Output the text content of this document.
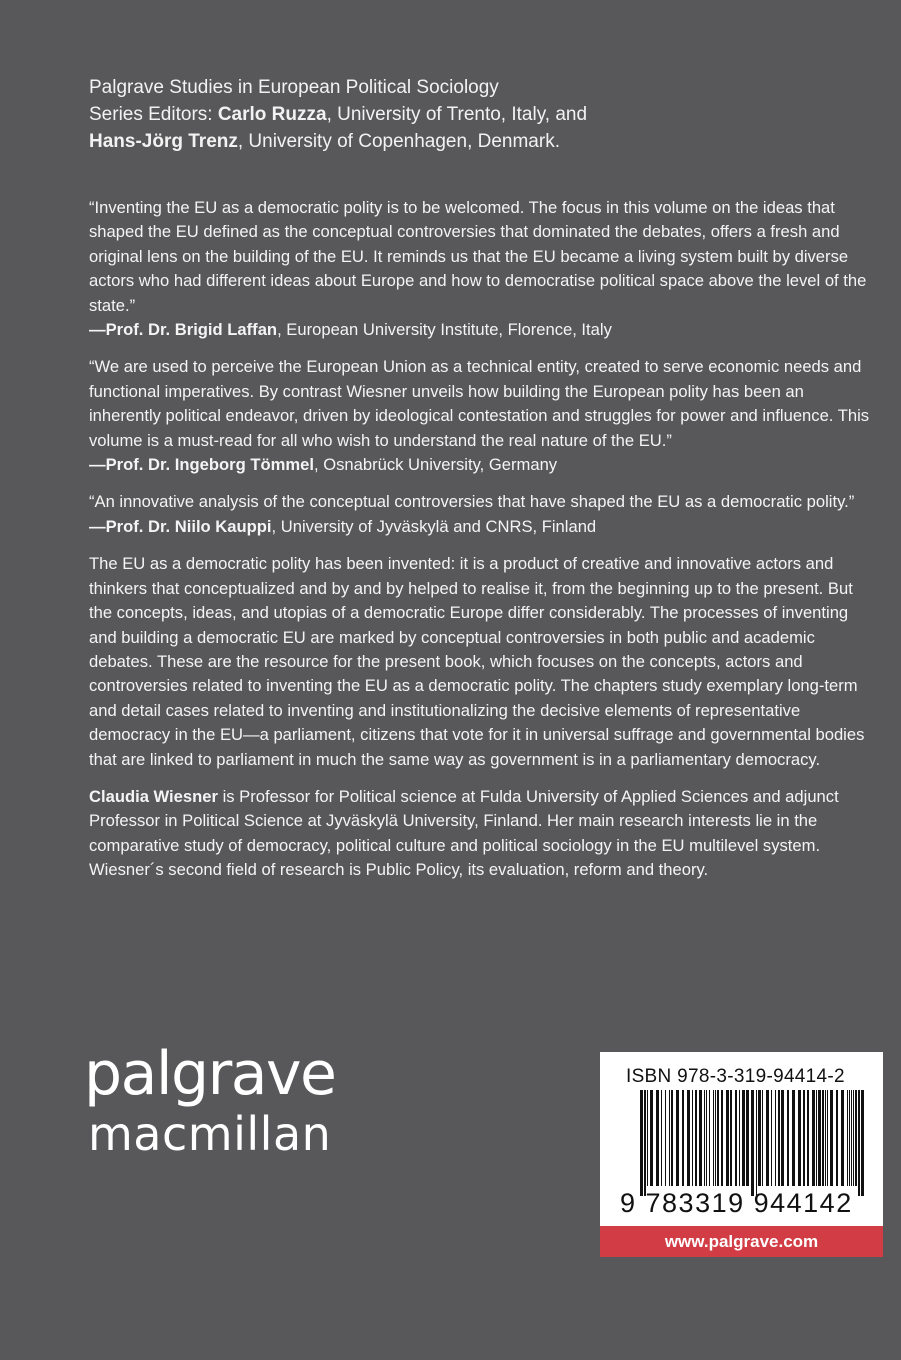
Palgrave Studies in European Political Sociology

Series Editors: Carlo Ruzza, University of Trento, Italy, and

Hans-Jörg Trenz, University of Copenhagen, Denmark.

“Inventing the EU as a democratic polity is to be welcomed. The focus in this volume on the ideas that shaped the EU defined as the conceptual controversies that dominated the debates, offers a fresh and original lens on the building of the EU. It reminds us that the EU became a living system built by diverse actors who had different ideas about Europe and how to democratise political space above the level of the state.”

—Prof. Dr. Brigid Laffan, European University Institute, Florence, Italy

“We are used to perceive the European Union as a technical entity, created to serve economic needs and functional imperatives. By contrast Wiesner unveils how building the European polity has been an inherently political endeavor, driven by ideological contestation and struggles for power and influence. This volume is a must-read for all who wish to understand the real nature of the EU.”

—Prof. Dr. Ingeborg Tömmel, Osnabrück University, Germany

“An innovative analysis of the conceptual controversies that have shaped the EU as a democratic polity.”

—Prof. Dr. Niilo Kauppi, University of Jyväskylä and CNRS, Finland

The EU as a democratic polity has been invented: it is a product of creative and innovative actors and thinkers that conceptualized and by and by helped to realise it, from the beginning up to the present. But the concepts, ideas, and utopias of a democratic Europe differ considerably. The processes of inventing and building a democratic EU are marked by conceptual controversies in both public and academic debates. These are the resource for the present book, which focuses on the concepts, actors and controversies related to inventing the EU as a democratic polity. The chapters study exemplary long-term and detail cases related to inventing and institutionalizing the decisive elements of representative democracy in the EU—a parliament, citizens that vote for it in universal suffrage and governmental bodies that are linked to parliament in much the same way as government is in a parliamentary democracy.

Claudia Wiesner is Professor for Political science at Fulda University of Applied Sciences and adjunct Professor in Political Science at Jyväskylä University, Finland. Her main research interests lie in the comparative study of democracy, political culture and political sociology in the EU multilevel system. Wiesner´s second field of research is Public Policy, its evaluation, reform and theory.

palgrave
macmillan
ISBN 978-3-319-94414-2
9 783319 944142
www.palgrave.com
